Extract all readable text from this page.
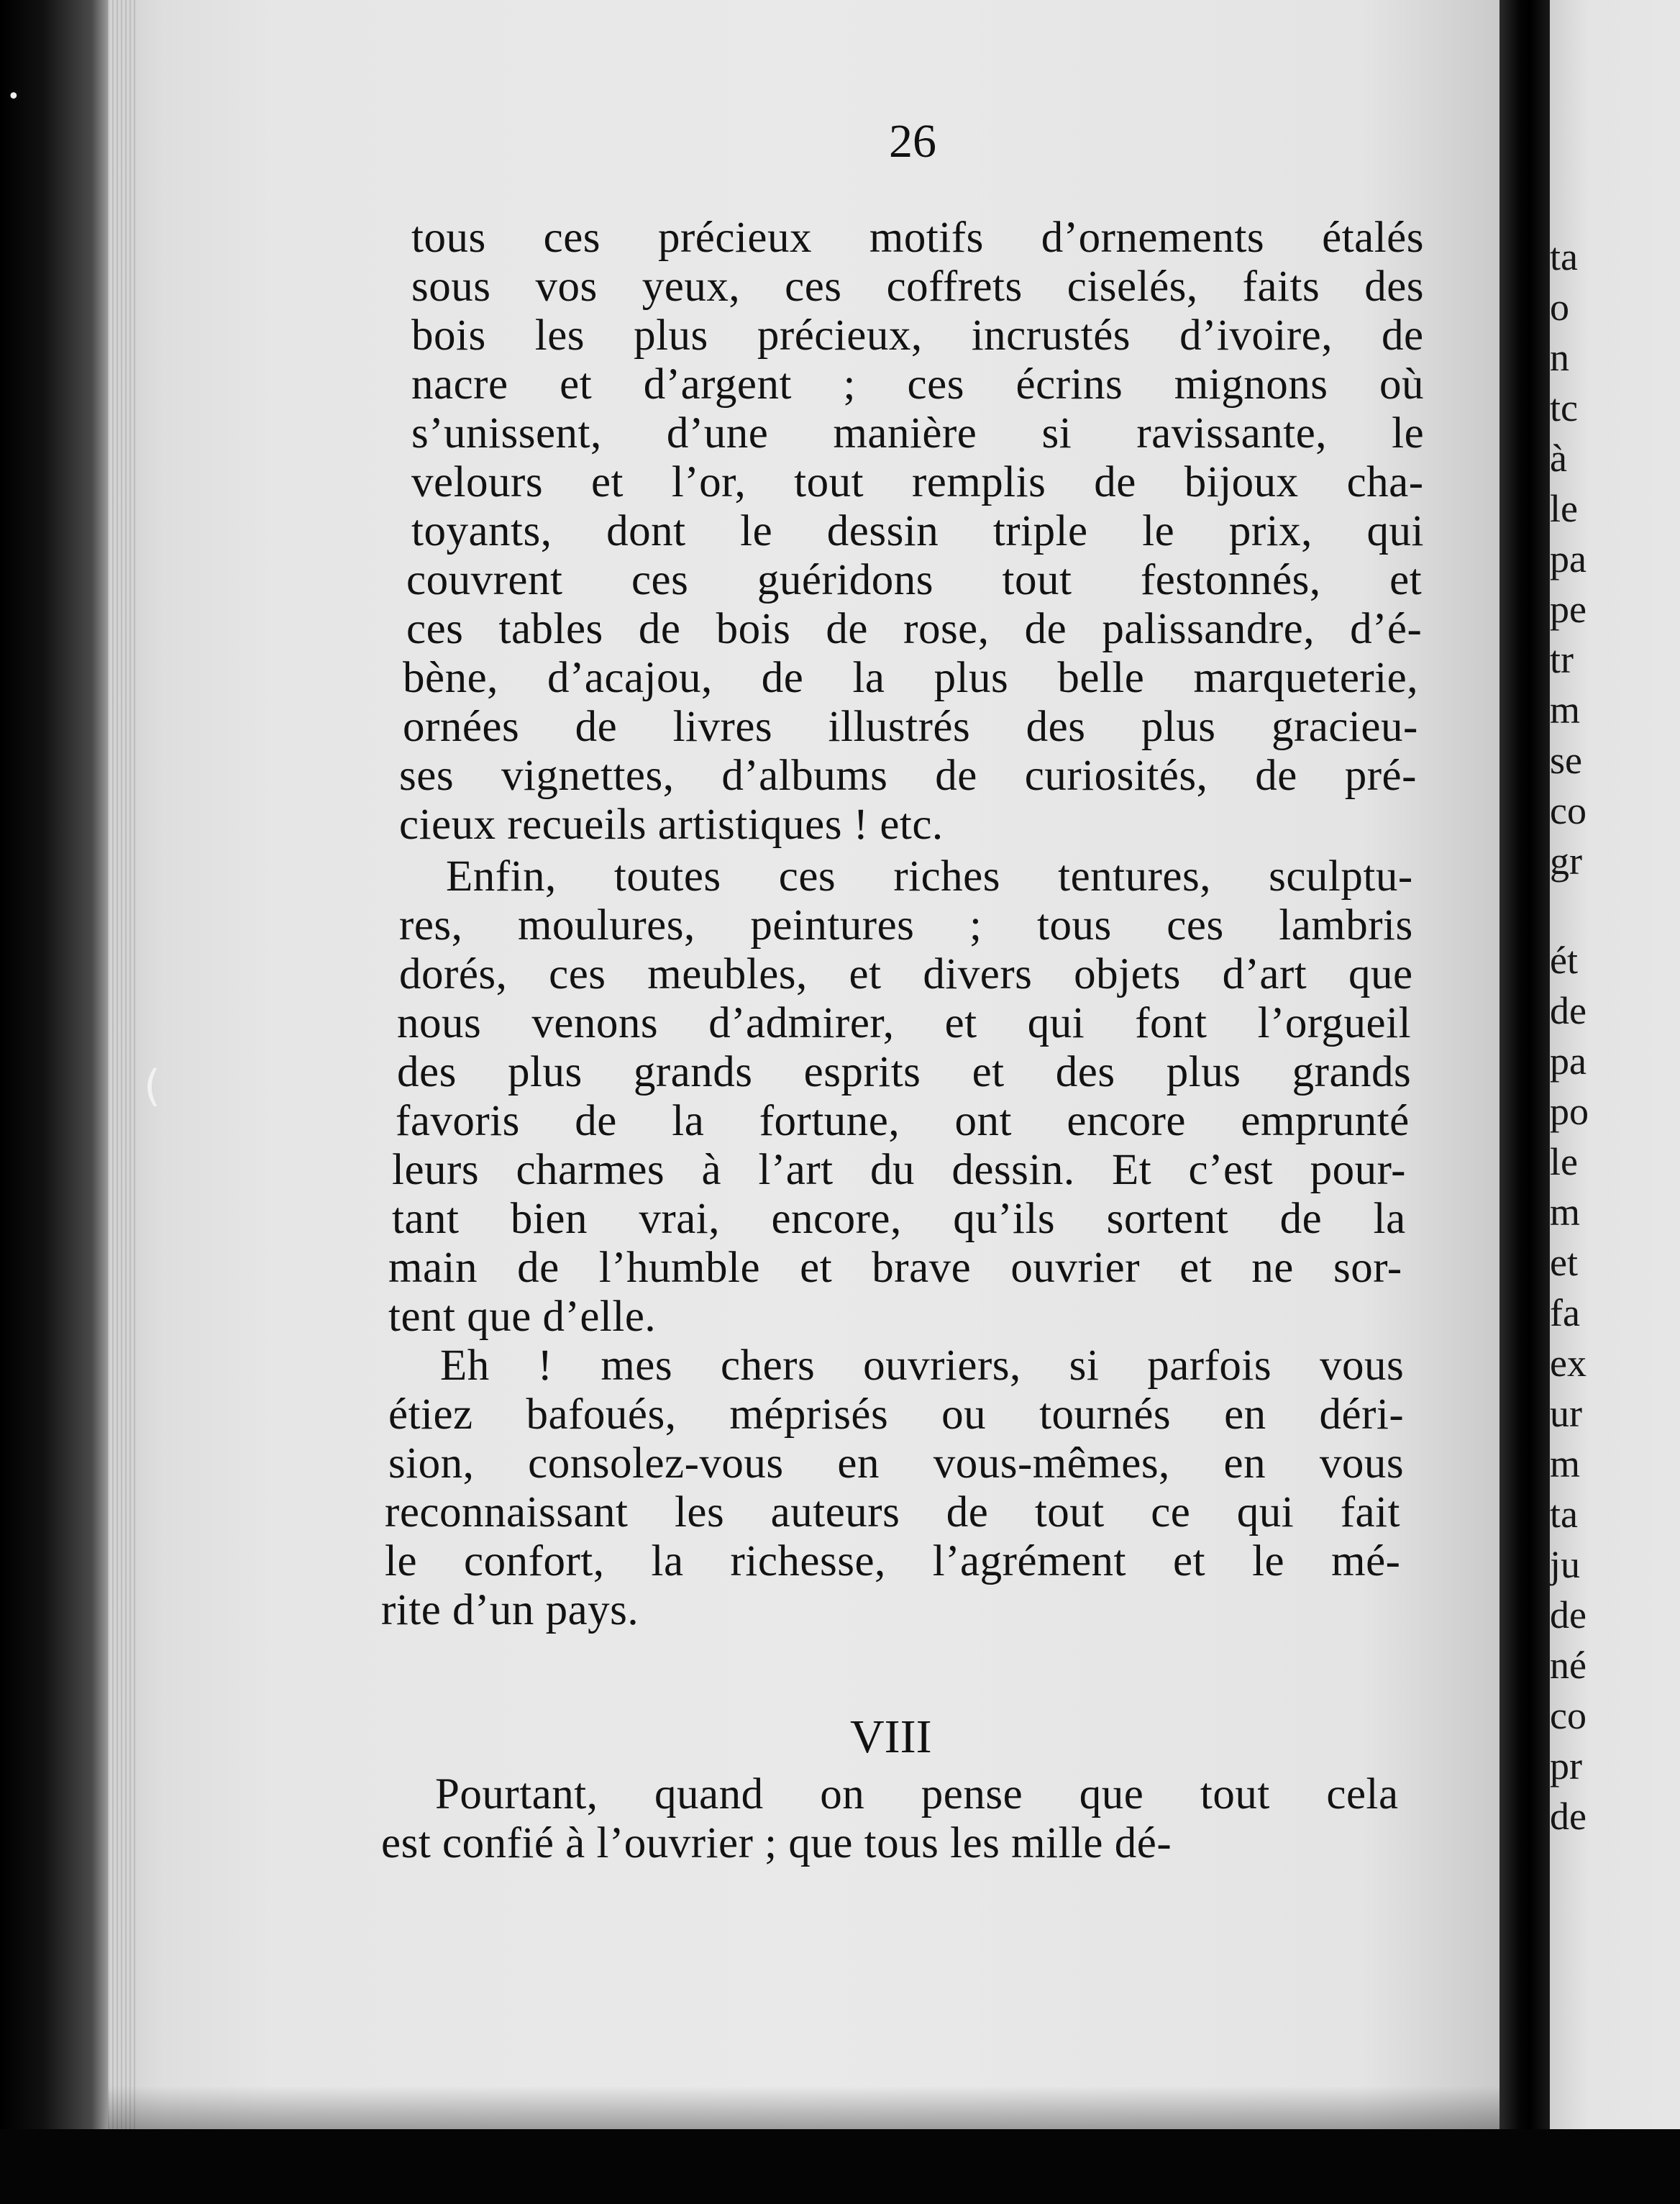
ta
o
n
tc
à
le
pa
pe
tr
m
se
co
gr
ét
de
pa
po
le
m
et
fa
ex
ur
m
ta
ju
de
né
co
pr
de
26
VIII
tous ces précieux motifs d’ornements étalés
sous vos yeux, ces coffrets ciselés, faits des
bois les plus précieux, incrustés d’ivoire, de
nacre et d’argent ; ces écrins mignons où
s’unissent, d’une manière si ravissante, le
velours et l’or, tout remplis de bijoux cha-
toyants, dont le dessin triple le prix, qui
couvrent ces guéridons tout festonnés, et
ces tables de bois de rose, de palissandre, d’é-
bène, d’acajou, de la plus belle marqueterie,
ornées de livres illustrés des plus gracieu-
ses vignettes, d’albums de curiosités, de pré-
cieux recueils artistiques ! etc.
Enfin, toutes ces riches tentures, sculptu-
res, moulures, peintures ; tous ces lambris
dorés, ces meubles, et divers objets d’art que
nous venons d’admirer, et qui font l’orgueil
des plus grands esprits et des plus grands
favoris de la fortune, ont encore emprunté
leurs charmes à l’art du dessin. Et c’est pour-
tant bien vrai, encore, qu’ils sortent de la
main de l’humble et brave ouvrier et ne sor-
tent que d’elle.
Eh ! mes chers ouvriers, si parfois vous
étiez bafoués, méprisés ou tournés en déri-
sion, consolez-vous en vous-mêmes, en vous
reconnaissant les auteurs de tout ce qui fait
le confort, la richesse, l’agrément et le mé-
rite d’un pays.
Pourtant, quand on pense que tout cela
est confié à l’ouvrier ; que tous les mille dé-
•
(
